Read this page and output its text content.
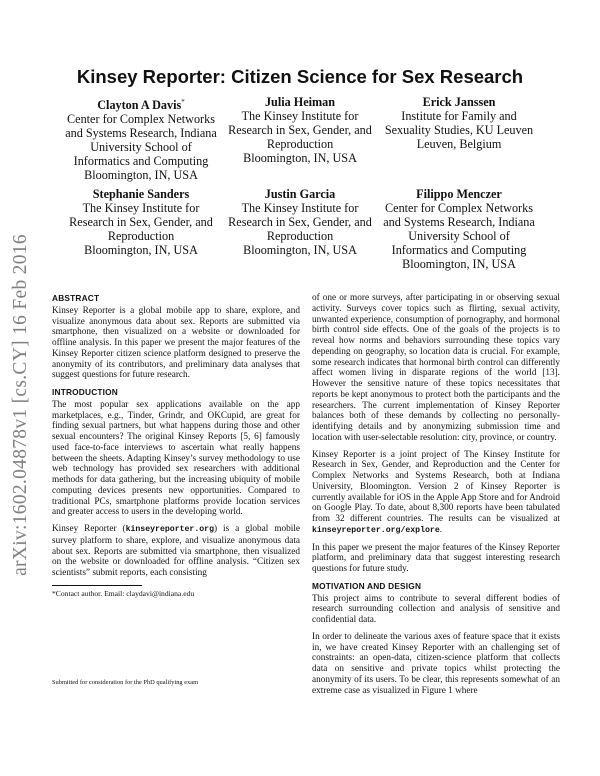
Kinsey Reporter: Citizen Science for Sex Research
Clayton A Davis*
Center for Complex Networks
and Systems Research, Indiana
University School of
Informatics and Computing
Bloomington, IN, USA
Julia Heiman
The Kinsey Institute for
Research in Sex, Gender, and
Reproduction
Bloomington, IN, USA
Erick Janssen
Institute for Family and
Sexuality Studies, KU Leuven
Leuven, Belgium
Stephanie Sanders
The Kinsey Institute for
Research in Sex, Gender, and
Reproduction
Bloomington, IN, USA
Justin Garcia
The Kinsey Institute for
Research in Sex, Gender, and
Reproduction
Bloomington, IN, USA
Filippo Menczer
Center for Complex Networks
and Systems Research, Indiana
University School of
Informatics and Computing
Bloomington, IN, USA
arXiv:1602.04878v1 [cs.CY] 16 Feb 2016	ABSTRACT

Kinsey Reporter is a global mobile app to share, explore, and visualize anonymous data about sex. Reports are submitted via smartphone, then visualized on a website or downloaded for offline analysis. In this paper we present the major features of the Kinsey Reporter citizen science platform designed to preserve the anonymity of its contributors, and preliminary data analyses that suggest questions for future research.

INTRODUCTION

The most popular sex applications available on the app marketplaces, e.g., Tinder, Grindr, and OKCupid, are great for finding sexual partners, but what happens during those and other sexual encounters? The original Kinsey Reports [5, 6] famously used face-to-face interviews to ascertain what really happens between the sheets. Adapting Kinsey’s survey methodology to use web technology has provided sex researchers with additional methods for data gathering, but the increasing ubiquity of mobile computing devices presents new opportunities. Compared to traditional PCs, smartphone platforms provide location services and greater access to users in the developing world.

Kinsey Reporter (kinseyreporter.org) is a global mobile survey platform to share, explore, and visualize anonymous data about sex. Reports are submitted via smartphone, then visualized on the website or downloaded for offline analysis. “Citizen sex scientists” submit reports, each consisting

*Contact author. Email: claydavi@indiana.edu

of one or more surveys, after participating in or observing sexual activity. Surveys cover topics such as flirting, sexual activity, unwanted experience, consumption of pornography, and hormonal birth control side effects. One of the goals of the projects is to reveal how norms and behaviors surrounding these topics vary depending on geography, so location data is crucial. For example, some research indicates that hormonal birth control can differently affect women living in disparate regions of the world [13]. However the sensitive nature of these topics necessitates that reports be kept anonymous to protect both the participants and the researchers. The current implementation of Kinsey Reporter balances both of these demands by collecting no personally-identifying details and by anonymizing submission time and location with user-selectable resolution: city, province, or country.

Kinsey Reporter is a joint project of The Kinsey Institute for Research in Sex, Gender, and Reproduction and the Center for Complex Networks and Systems Research, both at Indiana University, Bloomington. Version 2 of Kinsey Reporter is currently available for iOS in the Apple App Store and for Android on Google Play. To date, about 8,300 reports have been tabulated from 32 different countries. The results can be visualized at kinseyreporter.org/explore.

In this paper we present the major features of the Kinsey Reporter platform, and preliminary data that suggest interesting research questions for future study.

MOTIVATION AND DESIGN

This project aims to contribute to several different bodies of research surrounding collection and analysis of sensitive and confidential data.

In order to delineate the various axes of feature space that it exists in, we have created Kinsey Reporter with an challenging set of constraints: an open-data, citizen-science platform that collects data on sensitive and private topics whilst protecting the anonymity of its users. To be clear, this represents somewhat of an extreme case as visualized in Figure 1 where

Submitted for consideration for the PhD qualifying exam
